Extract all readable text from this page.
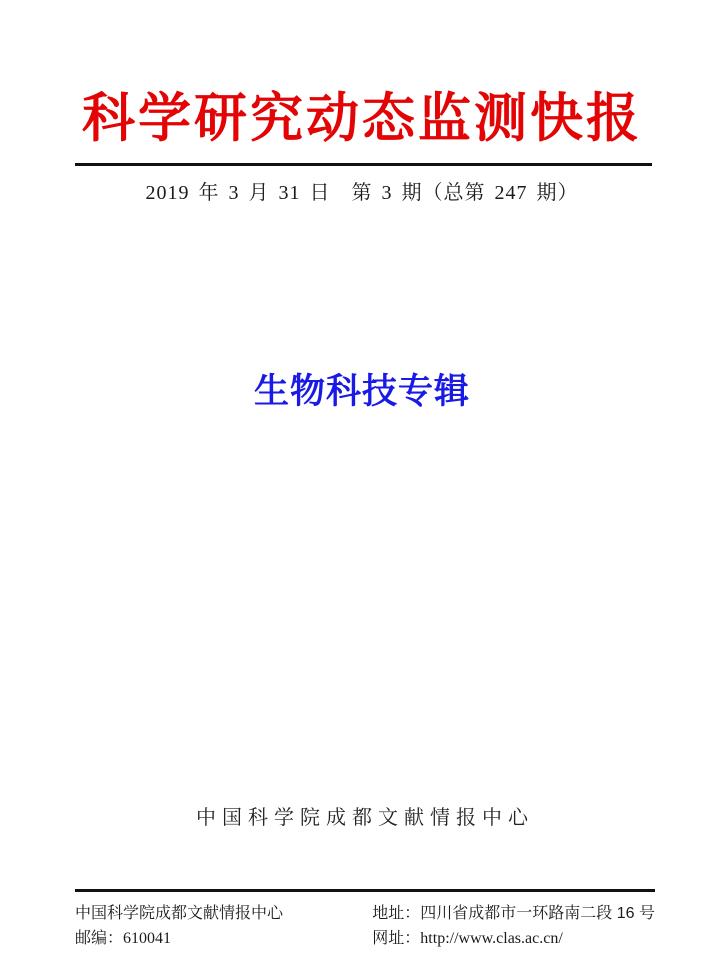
科学研究动态监测快报
2019 年 3 月 31 日　第 3 期（总第 247 期）
生物科技专辑
中国科学院成都文献情报中心
中国科学院成都文献情报中心
邮编：610041
地址：四川省成都市一环路南二段 16 号
网址：http://www.clas.ac.cn/
